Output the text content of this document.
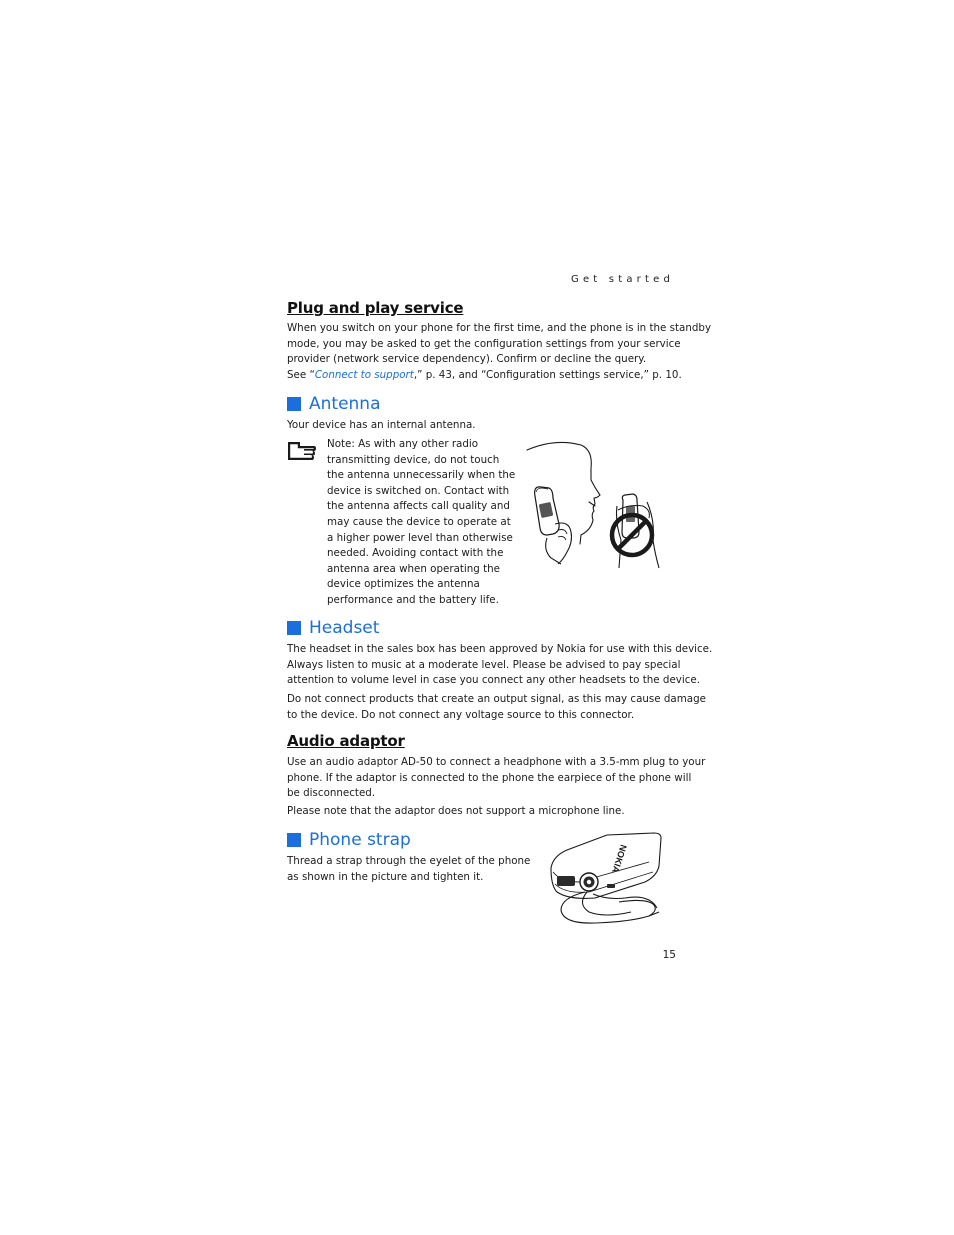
Get started
Plug and play service
When you switch on your phone for the first time, and the phone is in the standby
mode, you may be asked to get the configuration settings from your service
provider (network service dependency). Confirm or decline the query.
See “Connect to support,” p. 43, and “Configuration settings service,” p. 10.
Antenna
Your device has an internal antenna.
Note: As with any other radio
transmitting device, do not touch
the antenna unnecessarily when the
device is switched on. Contact with
the antenna affects call quality and
may cause the device to operate at
a higher power level than otherwise
needed. Avoiding contact with the
antenna area when operating the
device optimizes the antenna
performance and the battery life.
Headset
The headset in the sales box has been approved by Nokia for use with this device.
Always listen to music at a moderate level. Please be advised to pay special
attention to volume level in case you connect any other headsets to the device.
Do not connect products that create an output signal, as this may cause damage
to the device. Do not connect any voltage source to this connector.
Audio adaptor
Use an audio adaptor AD-50 to connect a headphone with a 3.5-mm plug to your
phone. If the adaptor is connected to the phone the earpiece of the phone will
be disconnected.
Please note that the adaptor does not support a microphone line.
Phone strap
Thread a strap through the eyelet of the phone
as shown in the picture and tighten it.
NOKIA
15
